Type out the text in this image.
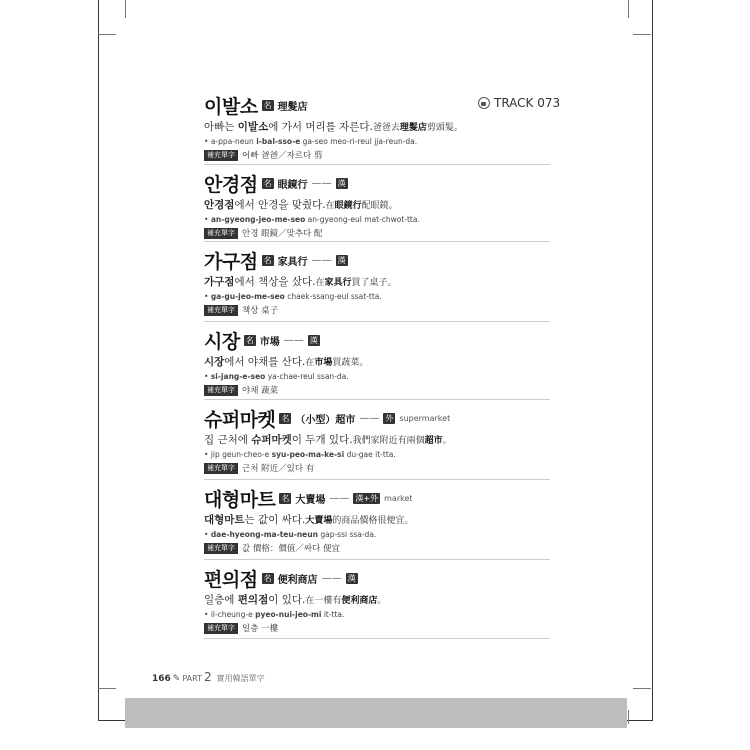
TRACK 073
이발소 名 理髮店
아빠는 이발소에 가서 머리를 자른다.爸爸去理髮店剪頭髮。
• a-ppa-neun i-bal-sso-e ga-seo meo-ri-reul jja-reun-da.
補充單字 어빠 爸爸／자르다 剪
안경점 名 眼鏡行 —— 漢
안경점에서 안경을 맞췄다.在眼鏡行配眼鏡。
• an-gyeong-jeo-me-seo an-gyeong-eul mat-chwot-tta.
補充單字 안경 眼鏡／맞추다 配
가구점 名 家具行 —— 漢
가구점에서 책상을 샀다.在家具行買了桌子。
• ga-gu-jeo-me-seo chaek-ssang-eul ssat-tta.
補充單字 책상 桌子
시장 名 市場 —— 漢
시장에서 야채를 산다.在市場買蔬菜。
• si-jang-e-seo ya-chae-reul ssan-da.
補充單字 야채 蔬菜
슈퍼마켓 名 （小型）超市 —— 外 supermarket
집 근처에 슈퍼마켓이 두개 있다.我們家附近有兩個超市。
• jip geun-cheo-e syu-peo-ma-ke-si du-gae it-tta.
補充單字 근처 附近／있다 有
대형마트 名 大賣場 —— 漢+外 market
대형마트는 값이 싸다.大賣場的商品價格很便宜。
• dae-hyeong-ma-teu-neun gap-ssi ssa-da.
補充單字 값 價格：價值／싸다 便宜
편의점 名 便利商店 —— 漢
일층에 편의점이 있다.在一樓有便利商店。
• il-cheung-e pyeo-nui-jeo-mi it-tta.
補充單字 일층 一樓
166 ✎ PART 2 實用韓語單字
